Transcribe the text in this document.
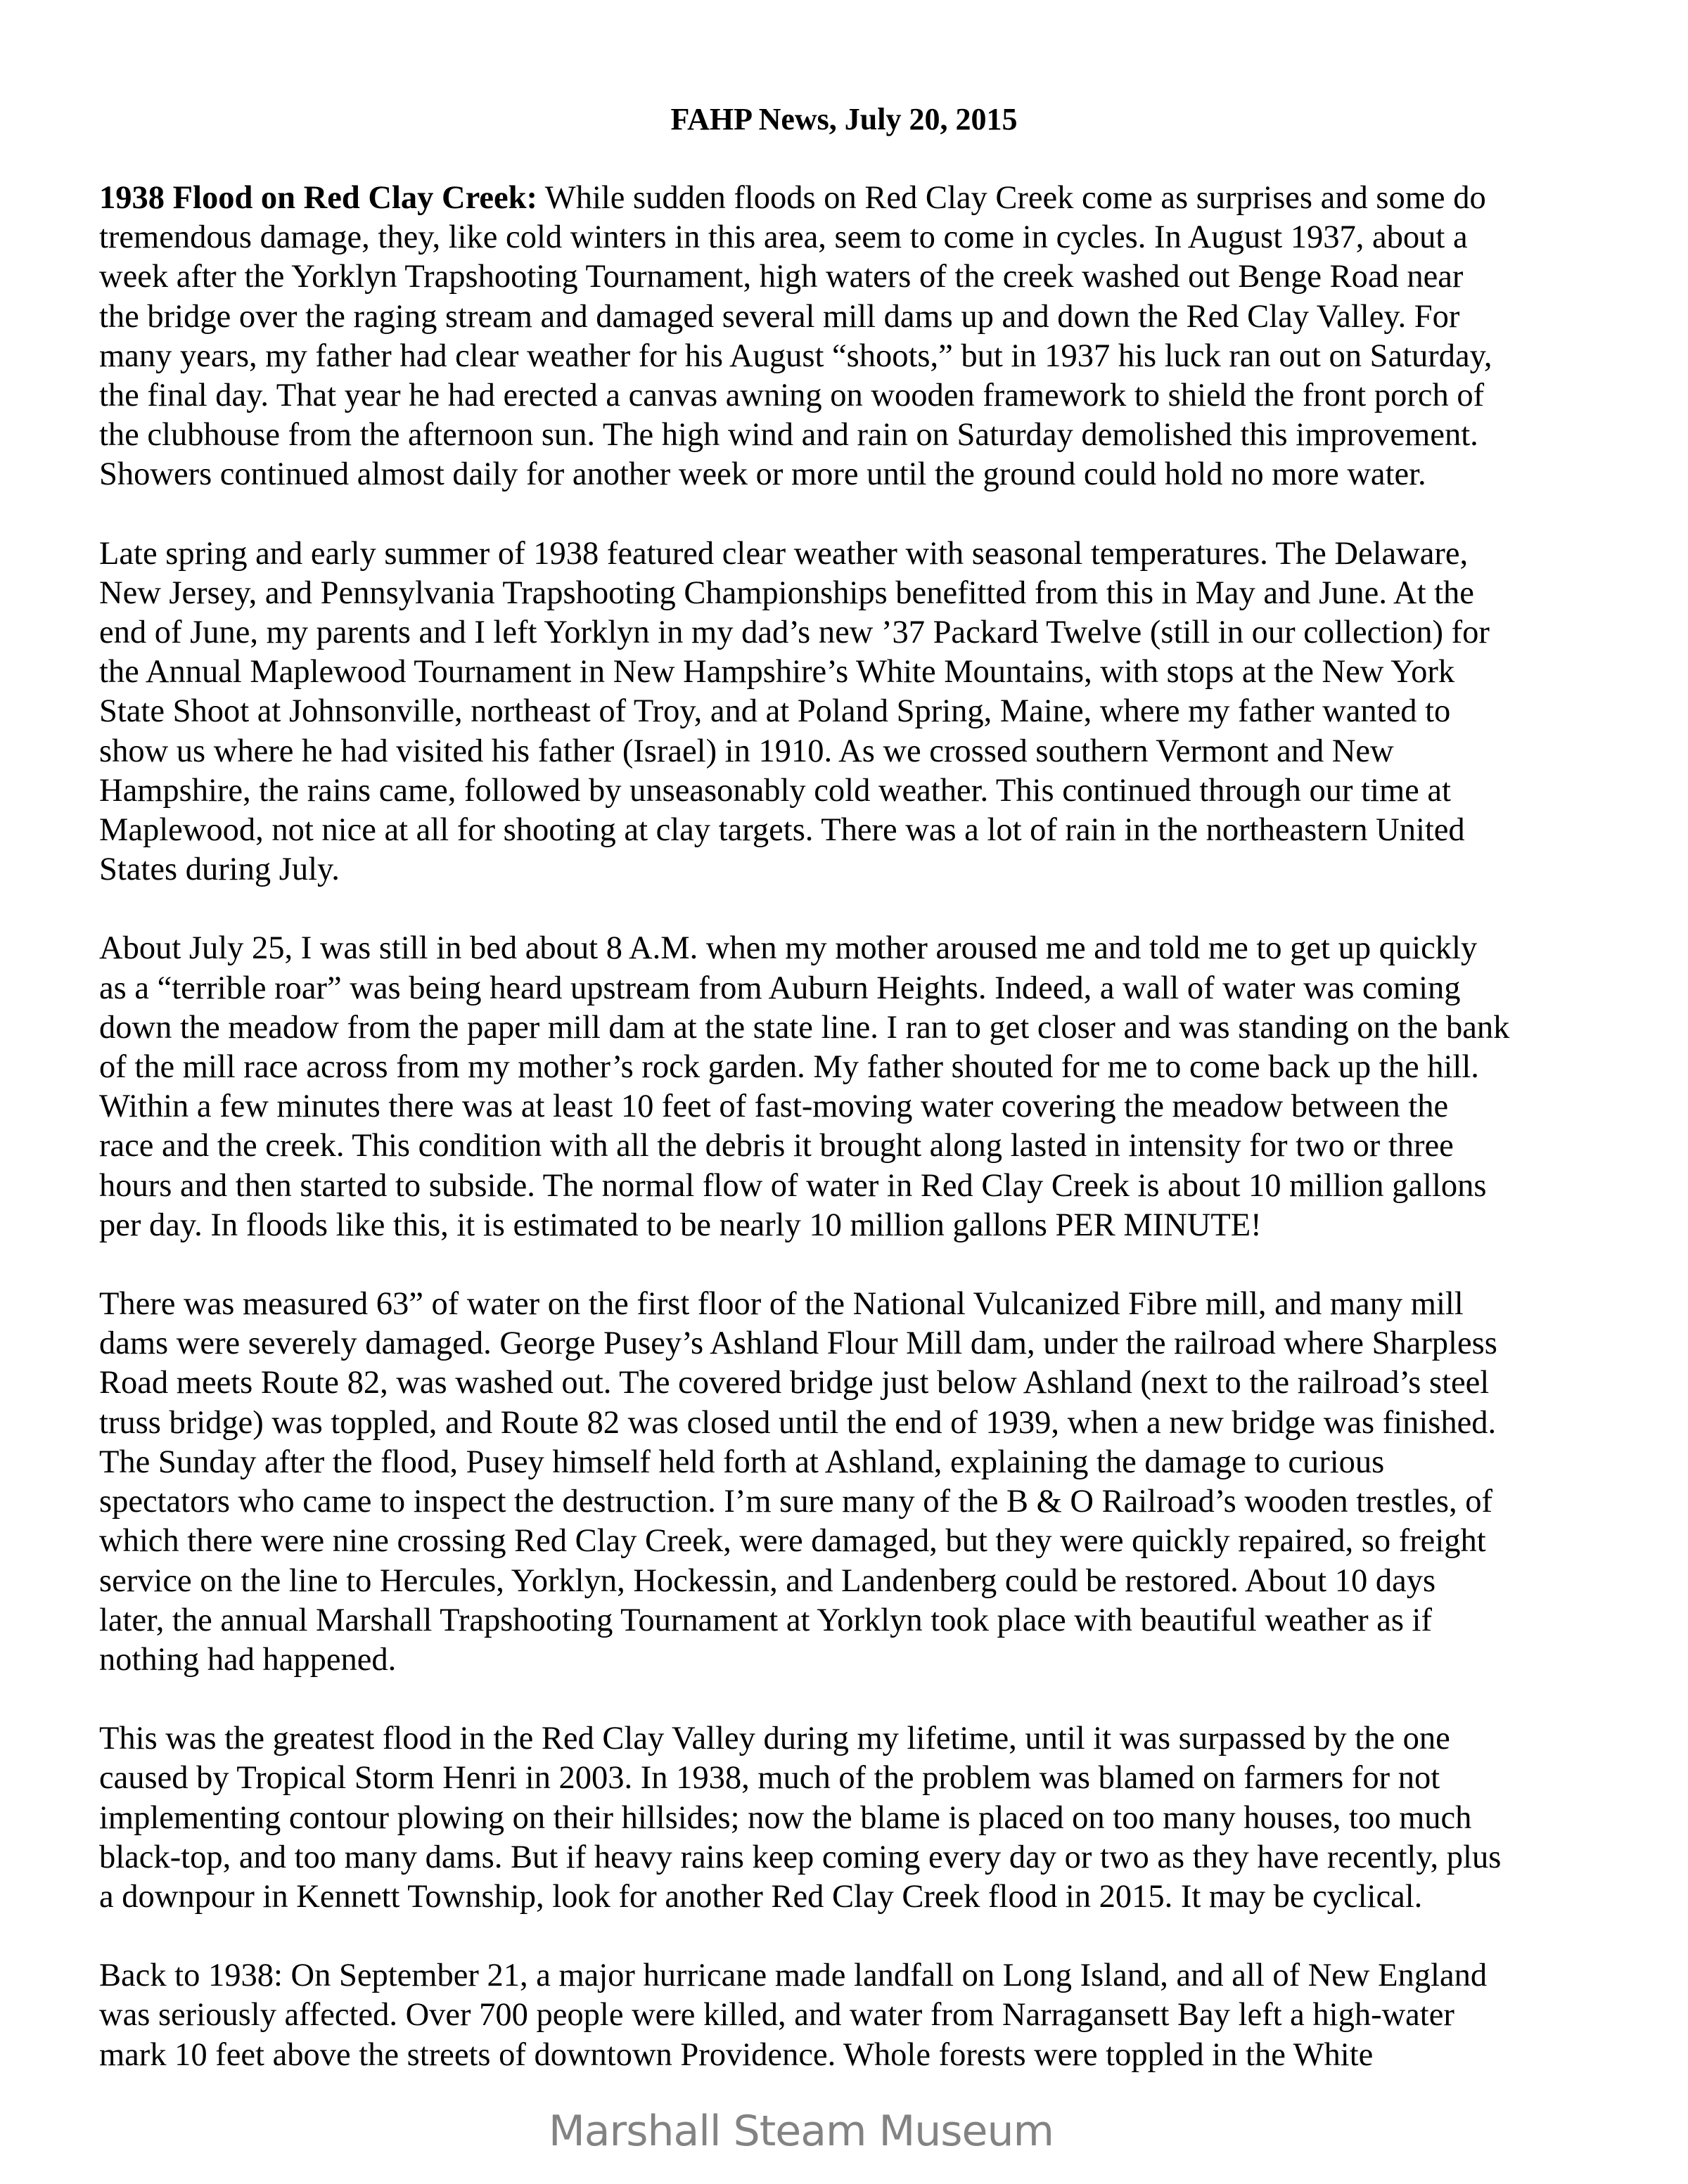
FAHP News, July 20, 2015
1938 Flood on Red Clay Creek: While sudden floods on Red Clay Creek come as surprises and some do
tremendous damage, they, like cold winters in this area, seem to come in cycles. In August 1937, about a
week after the Yorklyn Trapshooting Tournament, high waters of the creek washed out Benge Road near
the bridge over the raging stream and damaged several mill dams up and down the Red Clay Valley. For
many years, my father had clear weather for his August “shoots,” but in 1937 his luck ran out on Saturday,
the final day. That year he had erected a canvas awning on wooden framework to shield the front porch of
the clubhouse from the afternoon sun. The high wind and rain on Saturday demolished this improvement.
Showers continued almost daily for another week or more until the ground could hold no more water.
Late spring and early summer of 1938 featured clear weather with seasonal temperatures. The Delaware,
New Jersey, and Pennsylvania Trapshooting Championships benefitted from this in May and June. At the
end of June, my parents and I left Yorklyn in my dad’s new ’37 Packard Twelve (still in our collection) for
the Annual Maplewood Tournament in New Hampshire’s White Mountains, with stops at the New York
State Shoot at Johnsonville, northeast of Troy, and at Poland Spring, Maine, where my father wanted to
show us where he had visited his father (Israel) in 1910. As we crossed southern Vermont and New
Hampshire, the rains came, followed by unseasonably cold weather. This continued through our time at
Maplewood, not nice at all for shooting at clay targets. There was a lot of rain in the northeastern United
States during July.
About July 25, I was still in bed about 8 A.M. when my mother aroused me and told me to get up quickly
as a “terrible roar” was being heard upstream from Auburn Heights. Indeed, a wall of water was coming
down the meadow from the paper mill dam at the state line. I ran to get closer and was standing on the bank
of the mill race across from my mother’s rock garden. My father shouted for me to come back up the hill.
Within a few minutes there was at least 10 feet of fast-moving water covering the meadow between the
race and the creek. This condition with all the debris it brought along lasted in intensity for two or three
hours and then started to subside. The normal flow of water in Red Clay Creek is about 10 million gallons
per day. In floods like this, it is estimated to be nearly 10 million gallons PER MINUTE!
There was measured 63” of water on the first floor of the National Vulcanized Fibre mill, and many mill
dams were severely damaged. George Pusey’s Ashland Flour Mill dam, under the railroad where Sharpless
Road meets Route 82, was washed out. The covered bridge just below Ashland (next to the railroad’s steel
truss bridge) was toppled, and Route 82 was closed until the end of 1939, when a new bridge was finished.
The Sunday after the flood, Pusey himself held forth at Ashland, explaining the damage to curious
spectators who came to inspect the destruction. I’m sure many of the B & O Railroad’s wooden trestles, of
which there were nine crossing Red Clay Creek, were damaged, but they were quickly repaired, so freight
service on the line to Hercules, Yorklyn, Hockessin, and Landenberg could be restored. About 10 days
later, the annual Marshall Trapshooting Tournament at Yorklyn took place with beautiful weather as if
nothing had happened.
This was the greatest flood in the Red Clay Valley during my lifetime, until it was surpassed by the one
caused by Tropical Storm Henri in 2003. In 1938, much of the problem was blamed on farmers for not
implementing contour plowing on their hillsides; now the blame is placed on too many houses, too much
black-top, and too many dams. But if heavy rains keep coming every day or two as they have recently, plus
a downpour in Kennett Township, look for another Red Clay Creek flood in 2015. It may be cyclical.
Back to 1938: On September 21, a major hurricane made landfall on Long Island, and all of New England
was seriously affected. Over 700 people were killed, and water from Narragansett Bay left a high-water
mark 10 feet above the streets of downtown Providence. Whole forests were toppled in the White
Marshall Steam Museum
